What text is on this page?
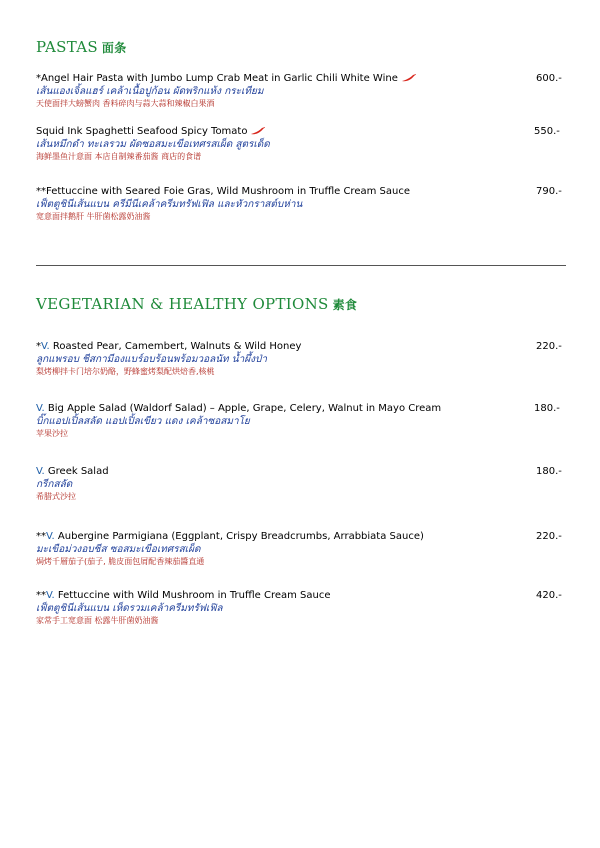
PASTAS 面条
*Angel Hair Pasta with Jumbo Lump Crab Meat in Garlic Chili White Wine
เส้นแองเจิ้ลแฮร์ เคล้าเนื้อปูก้อน ผัดพริกแห้ง กระเทียม
天使面拌大螃蟹肉 香料碎肉与蒜大蒜和辣椒白果酒
600.-
Squid Ink Spaghetti Seafood Spicy Tomato
เส้นหมึกดำ ทะเลรวม ผัดซอสมะเขือเทศรสเผ็ด สูตรเด็ด
海鲜墨鱼汁意面 本店自制辣番茄酱 商店的食谱
550.-
**Fettuccine with Seared Foie Gras, Wild Mushroom in Truffle Cream Sauce
เฟ็ตตูชินีเส้นแบน ครีมีนีเคล้าครีมทรัฟเฟิล และหัวกราสต์บห่าน
宽意面拌鹅肝 牛肝菌松露奶油酱
790.-
VEGETARIAN & HEALTHY OPTIONS 素食
*V. Roasted Pear, Camembert, Walnuts & Wild Honey
ลูกแพรอบ ชีสกามีองแบร์อบร้อนพร้อมวอลนัท น้ำผึ้งป่า
梨烤柳拌卡门培尔奶酪，野蜂蜜烤梨配烘焙香,核桃
220.-
V. Big Apple Salad (Waldorf Salad) – Apple, Grape, Celery, Walnut in Mayo Cream
บิ๊กแอปเปิ้ลสลัด แอปเปิ้ลเขียว แดง เคล้าซอสมาโย
苹果沙拉
180.-
V. Greek Salad
กรีกสลัด
希腊式沙拉
180.-
**V. Aubergine Parmigiana (Eggplant, Crispy Breadcrumbs, Arrabbiata Sauce)
มะเขือม่วงอบชีส ซอสมะเขือเทศรสเผ็ด
焗烤千層茄子(茄子, 脆皮面包屑配香辣茄醬直通
220.-
**V. Fettuccine with Wild Mushroom in Truffle Cream Sauce
เฟ็ตตูชินีเส้นแบน เห็ดรวมเคล้าครีมทรัฟเฟิล
家常手工宽意面 松露牛肝菌奶油酱
420.-
